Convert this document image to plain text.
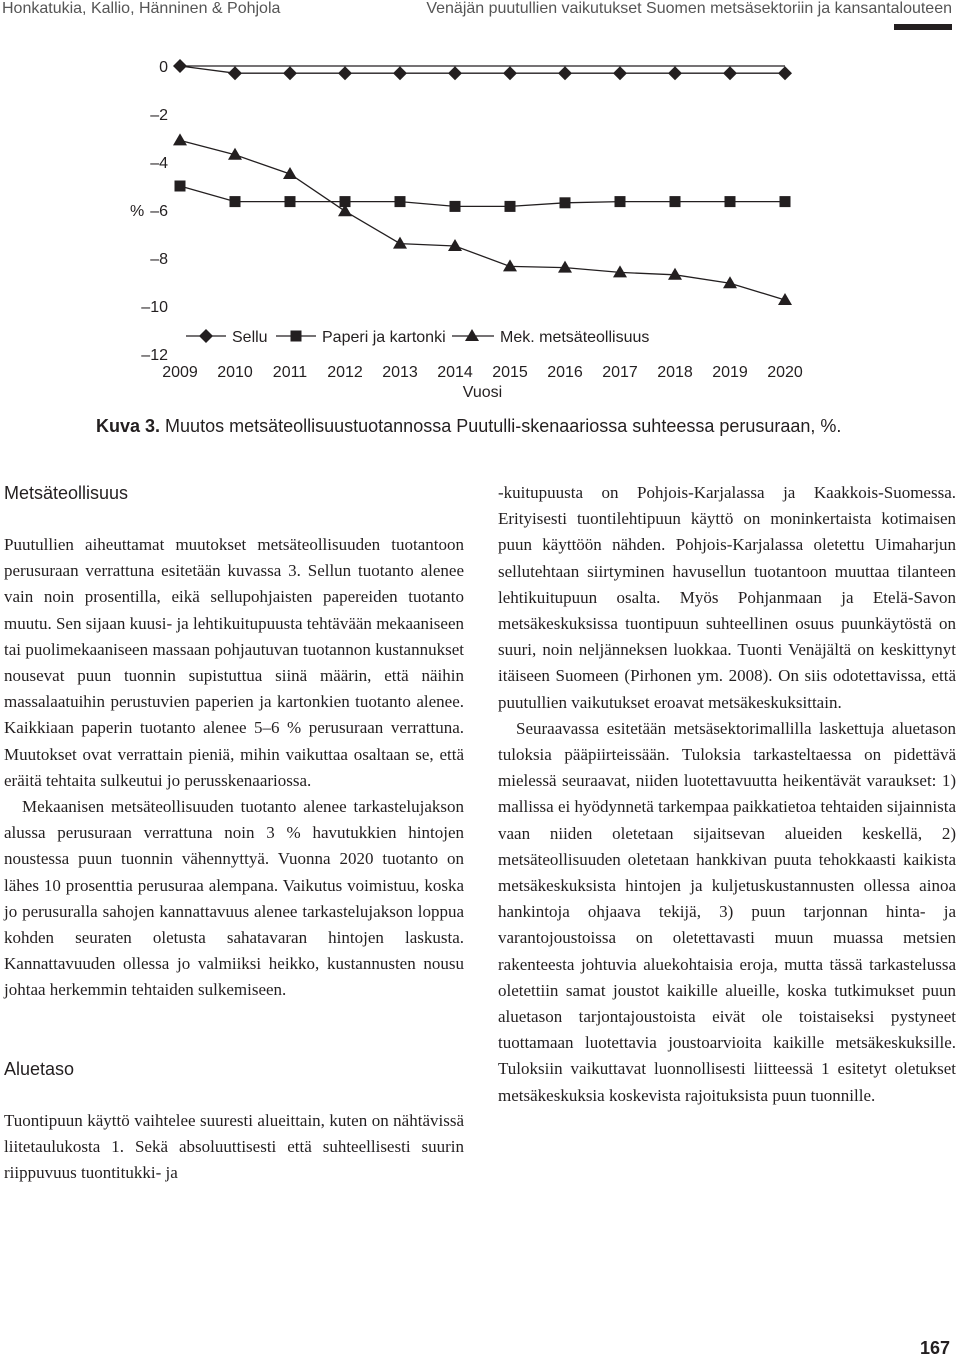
Honkatukia, Kallio, Hänninen & Pohjola	Venäjän puutullien vaikutukset Suomen metsäsektoriin ja kansantalouteen
0
–2
–4
–6
–8
–10
–12
%
2009 2010 2011 2012 2013 2014 2015 2016 2017 2018 2019 2020
Vuosi
Sellu	Paperi ja kartonki	Mek. metsäteollisuus
Kuva 3. Muutos metsäteollisuustuotannossa Puutulli-skenaariossa suhteessa perusuraan, %.
Metsäteollisuus

Puutullien aiheuttamat muutokset metsäteollisuuden tuotantoon perusuraan verrattuna esitetään kuvassa 3. Sellun tuotanto alenee vain noin prosentilla, eikä sellupohjaisten papereiden tuotanto muutu. Sen sijaan kuusi- ja lehtikuitupuusta tehtävään mekaaniseen tai puolimekaaniseen massaan pohjautuvan tuotannon kustannukset nousevat puun tuonnin supistuttua siinä määrin, että näihin massalaatuihin perustuvien paperien ja kartonkien tuotanto alenee. Kaikkiaan paperin tuotanto alenee 5–6 % perusuraan verrattuna. Muutokset ovat verrattain pieniä, mihin vaikuttaa osaltaan se, että eräitä tehtaita sulkeutui jo perusskenaariossa.

Mekaanisen metsäteollisuuden tuotanto alenee tarkastelujakson alussa perusuraan verrattuna noin 3 % havutukkien hintojen noustessa puun tuonnin vähennyttyä. Vuonna 2020 tuotanto on lähes 10 prosenttia perusuraa alempana. Vaikutus voimistuu, koska jo perusuralla sahojen kannattavuus alenee tarkastelujakson loppua kohden seuraten oletusta sahatavaran hintojen laskusta. Kannattavuuden ollessa jo valmiiksi heikko, kustannusten nousu johtaa herkemmin tehtaiden sulkemiseen.

Aluetaso

Tuontipuun käyttö vaihtelee suuresti alueittain, kuten on nähtävissä liitetaulukosta 1. Sekä absoluuttisesti että suhteellisesti suurin riippuvuus tuontitukki- ja

-kuitupuusta on Pohjois-Karjalassa ja Kaakkois-Suomessa. Erityisesti tuontilehtipuun käyttö on moninkertaista kotimaisen puun käyttöön nähden. Pohjois-Karjalassa oletettu Uimaharjun sellutehtaan siirtyminen havusellun tuotantoon muuttaa tilanteen lehtikuitupuun osalta. Myös Pohjanmaan ja Etelä-Savon metsäkeskuksissa tuontipuun suhteellinen osuus puunkäytöstä on suuri, noin neljänneksen luokkaa. Tuonti Venäjältä on keskittynyt itäiseen Suomeen (Pirhonen ym. 2008). On siis odotettavissa, että puutullien vaikutukset eroavat metsäkeskuksittain.

Seuraavassa esitetään metsäsektorimallilla laskettuja aluetason tuloksia pääpiirteissään. Tuloksia tarkasteltaessa on pidettävä mielessä seuraavat, niiden luotettavuutta heikentävät varaukset: 1) mallissa ei hyödynnetä tarkempaa paikkatietoa tehtaiden sijainnista vaan niiden oletetaan sijaitsevan alueiden keskellä, 2) metsäteollisuuden oletetaan hankkivan puuta tehokkaasti kaikista metsäkeskuksista hintojen ja kuljetuskustannusten ollessa ainoa hankintoja ohjaava tekijä, 3) puun tarjonnan hinta- ja varantojoustoissa on oletettavasti muun muassa metsien rakenteesta johtuvia aluekohtaisia eroja, mutta tässä tarkastelussa oletettiin samat joustot kaikille alueille, koska tutkimukset puun aluetason tarjontajoustoista eivät ole toistaiseksi pystyneet tuottamaan luotettavia joustoarvioita kaikille metsäkeskuksille. Tuloksiin vaikuttavat luonnollisesti liitteessä 1 esitetyt oletukset metsäkeskuksia koskevista rajoituksista puun tuonnille.

167
